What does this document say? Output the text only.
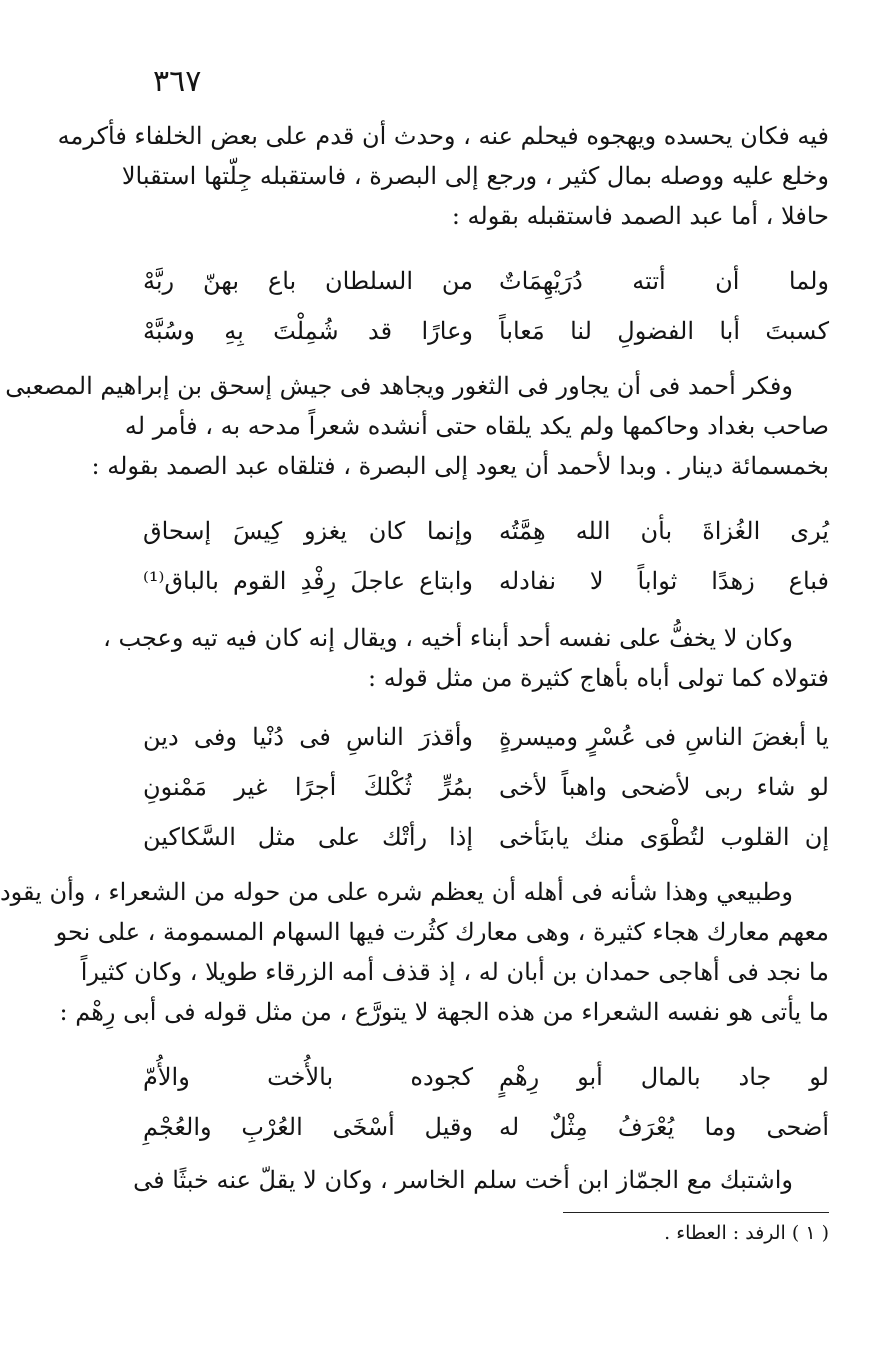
٣٦٧
فيه فكان يحسده ويهجوه فيحلم عنه ، وحدث أن قدم على بعض الخلفاء فأكرمه
وخلع عليه ووصله بمال كثير ، ورجع إلى البصرة ، فاستقبله جِلّتها استقبالا
حافلا ، أما عبد الصمد فاستقبله بقوله :
ولما أن أتته دُرَيْهِمَاتٌ
من السلطان باع بهنّ ربَّهْ
كسبتَ أبا الفضولِ لنا مَعاباً
وعارًا قد شُمِلْتَ بِهِ وسُبَّهْ
وفكر أحمد فى أن يجاور فى الثغور ويجاهد فى جيش إسحق بن إبراهيم المصعبى
صاحب بغداد وحاكمها ولم يكد يلقاه حتى أنشده شعراً مدحه به ، فأمر له
بخمسمائة دينار . وبدا لأحمد أن يعود إلى البصرة ، فتلقاه عبد الصمد بقوله :
يُرى الغُزاةَ بأن الله هِمَّتُه
وإنما كان يغزو كِيسَ إسحاق
فباع زهدًا ثواباً لا نفادله
وابتاع عاجلَ رِفْدِ القوم بالباق⁽¹⁾
وكان لا يخفُّ على نفسه أحد أبناء أخيه ، ويقال إنه كان فيه تيه وعجب ،
فتولاه كما تولى أباه بأهاج كثيرة من مثل قوله :
يا أبغضَ الناسِ فى عُسْرٍ وميسرةٍ
وأقذرَ الناسِ فى دُنْيا وفى دين
لو شاء ربى لأضحى واهباً لأخى
بمُرٍّ ثُكْلكَ أجرًا غير مَمْنونِ
إن القلوب لتُطْوَى منك يابنَأخى
إذا رأتْك على مثل السَّكاكين
وطبيعي وهذا شأنه فى أهله أن يعظم شره على من حوله من الشعراء ، وأن يقود
معهم معارك هجاء كثيرة ، وهى معارك كثُرت فيها السهام المسمومة ، على نحو
ما نجد فى أهاجى حمدان بن أبان له ، إذ قذف أمه الزرقاء طويلا ، وكان كثيراً
ما يأتى هو نفسه الشعراء من هذه الجهة لا يتورَّع ، من مثل قوله فى أبى رِهْم :
لو جاد بالمال أبو رِهْمٍ
كجوده بالأُخت والأُمّ
أضحى وما يُعْرَفُ مِثْلٌ له
وقيل أسْخَى العُرْبِ والعُجْمِ
واشتبك مع الجمّاز ابن أخت سلم الخاسر ، وكان لا يقلّ عنه خبثًا فى
( ١ ) الرفد : العطاء .
